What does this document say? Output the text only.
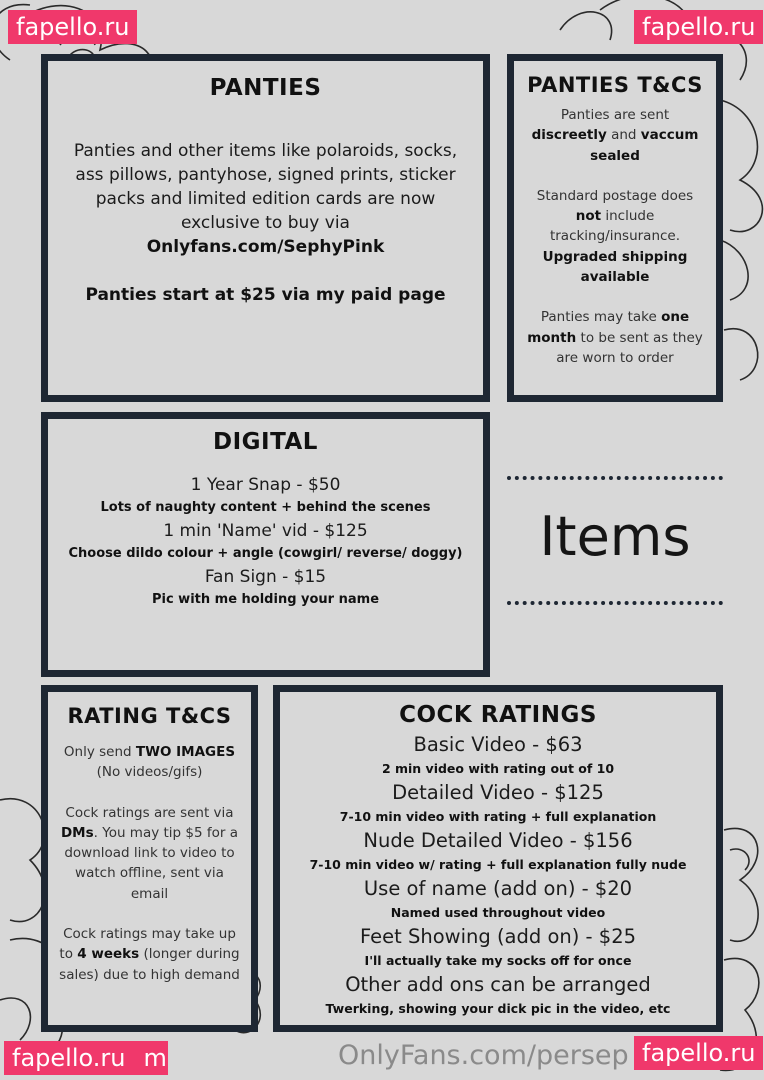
PANTIES

Panties and other items like polaroids, socks, ass pillows, pantyhose, signed prints, sticker packs and limited edition cards are now exclusive to buy via
Onlyfans.com/SephyPink

Panties start at $25 via my paid page

PANTIES T&CS

Panties are sent
discreetly and vaccum sealed

Standard postage does
not include tracking/insurance.
Upgraded shipping available

Panties may take one month to be sent as they are worn to order

DIGITAL
1 Year Snap - $50
Lots of naughty content + behind the scenes
1 min 'Name' vid - $125
Choose dildo colour + angle (cowgirl/ reverse/ doggy)
Fan Sign - $15
Pic with me holding your name
Items
RATING T&CS

Only send TWO IMAGES
(No videos/gifs)

Cock ratings are sent via
DMs. You may tip $5 for a download link to video to watch offline, sent via email

Cock ratings may take up to 4 weeks (longer during sales) due to high demand

COCK RATINGS
Basic Video - $63
2 min video with rating out of 10
Detailed Video - $125
7-10 min video with rating + full explanation
Nude Detailed Video - $156
7-10 min video w/ rating + full explanation fully nude
Use of name (add on) - $20
Named used throughout video
Feet Showing (add on) - $25
I'll actually take my socks off for once
Other add ons can be arranged
Twerking, showing your dick pic in the video, etc
fapello.ru	fapello.ru
OnlyFans.com/persep
fapello.ru m	fapello.ru
